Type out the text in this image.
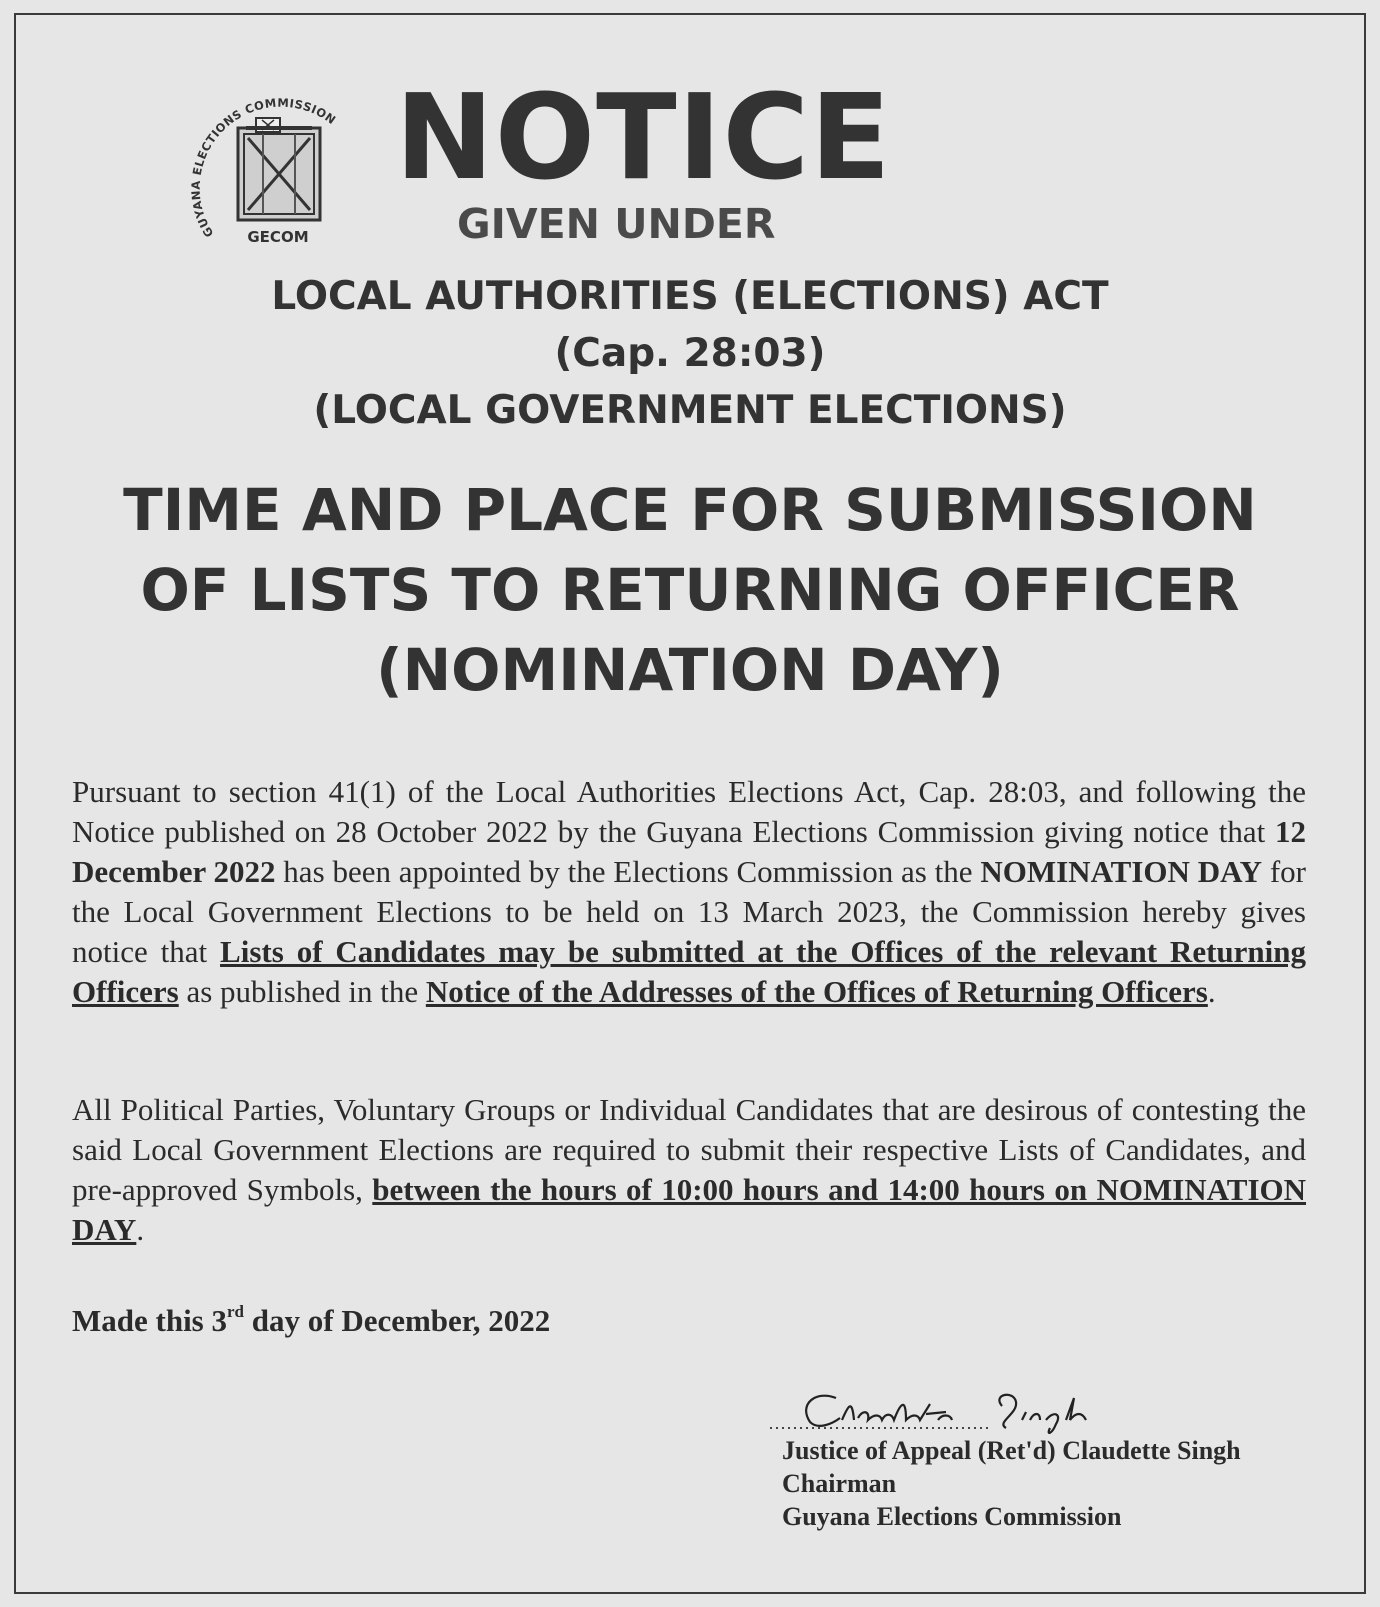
GUYANA ELECTIONS COMMISSION
GECOM
NOTICE
GIVEN UNDER
LOCAL AUTHORITIES (ELECTIONS) ACT
(Cap. 28:03)
(LOCAL GOVERNMENT ELECTIONS)
TIME AND PLACE FOR SUBMISSION
OF LISTS TO RETURNING OFFICER
(NOMINATION DAY)
Pursuant to section 41(1) of the Local Authorities Elections Act, Cap. 28:03, and following the Notice published on 28 October 2022 by the Guyana Elections Commission giving notice that 12 December 2022 has been appointed by the Elections Commission as the NOMINATION DAY for the Local Government Elections to be held on 13 March 2023, the Commission hereby gives notice that Lists of Candidates may be submitted at the Offices of the relevant Returning Officers as published in the Notice of the Addresses of the Offices of Returning Officers.
All Political Parties, Voluntary Groups or Individual Candidates that are desirous of contesting the said Local Government Elections are required to submit their respective Lists of Candidates, and pre-approved Symbols, between the hours of 10:00 hours and 14:00 hours on NOMINATION DAY.
Made this 3rd day of December, 2022
Justice of Appeal (Ret'd) Claudette Singh
Chairman
Guyana Elections Commission
